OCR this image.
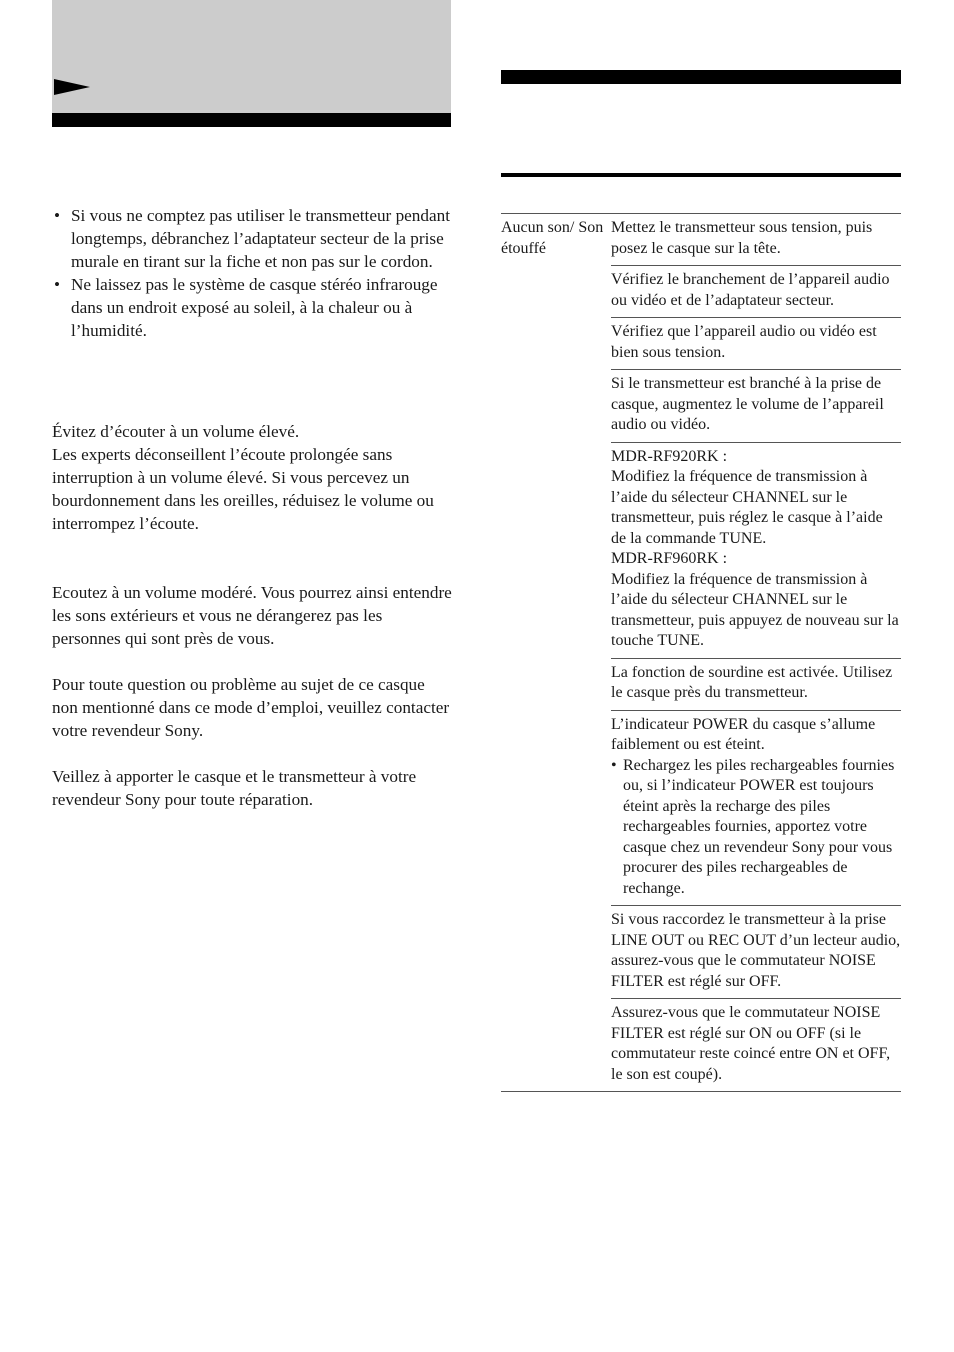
• Si vous ne comptez pas utiliser le transmetteur pendant longtemps, débranchez l’adaptateur secteur de la prise murale en tirant sur la fiche et non pas sur le cordon.
• Ne laissez pas le système de casque stéréo infrarouge dans un endroit exposé au soleil, à la chaleur ou à l’humidité.

Évitez d’écouter à un volume élevé.
Les experts déconseillent l’écoute prolongée sans interruption à un volume élevé. Si vous percevez un bourdonnement dans les oreilles, réduisez le volume ou interrompez l’écoute.

Ecoutez à un volume modéré. Vous pourrez ainsi entendre les sons extérieurs et vous ne dérangerez pas les personnes qui sont près de vous.

Pour toute question ou problème au sujet de ce casque non mentionné dans ce mode d’emploi, veuillez contacter votre revendeur Sony.

Veillez à apporter le casque et le transmetteur à votre revendeur Sony pour toute réparation.

Aucun son/ Son étouffé	Mettez le transmetteur sous tension, puis posez le casque sur la tête.
Vérifiez le branchement de l’appareil audio ou vidéo et de l’adaptateur secteur.
Vérifiez que l’appareil audio ou vidéo est bien sous tension.
Si le transmetteur est branché à la prise de casque, augmentez le volume de l’appareil audio ou vidéo.

MDR-RF920RK :
Modifiez la fréquence de transmission à l’aide du sélecteur CHANNEL sur le transmetteur, puis réglez le casque à l’aide de la commande TUNE.
MDR-RF960RK :
Modifiez la fréquence de transmission à l’aide du sélecteur CHANNEL sur le transmetteur, puis appuyez de nouveau sur la touche TUNE.

La fonction de sourdine est activée. Utilisez le casque près du transmetteur.

L’indicateur POWER du casque s’allume faiblement ou est éteint.
• Rechargez les piles rechargeables fournies ou, si l’indicateur POWER est toujours éteint après la recharge des piles rechargeables fournies, apportez votre casque chez un revendeur Sony pour vous procurer des piles rechargeables de rechange.

Si vous raccordez le transmetteur à la prise LINE OUT ou REC OUT d’un lecteur audio, assurez-vous que le commutateur NOISE FILTER est réglé sur OFF.
Assurez-vous que le commutateur NOISE FILTER est réglé sur ON ou OFF (si le commutateur reste coincé entre ON et OFF, le son est coupé).
